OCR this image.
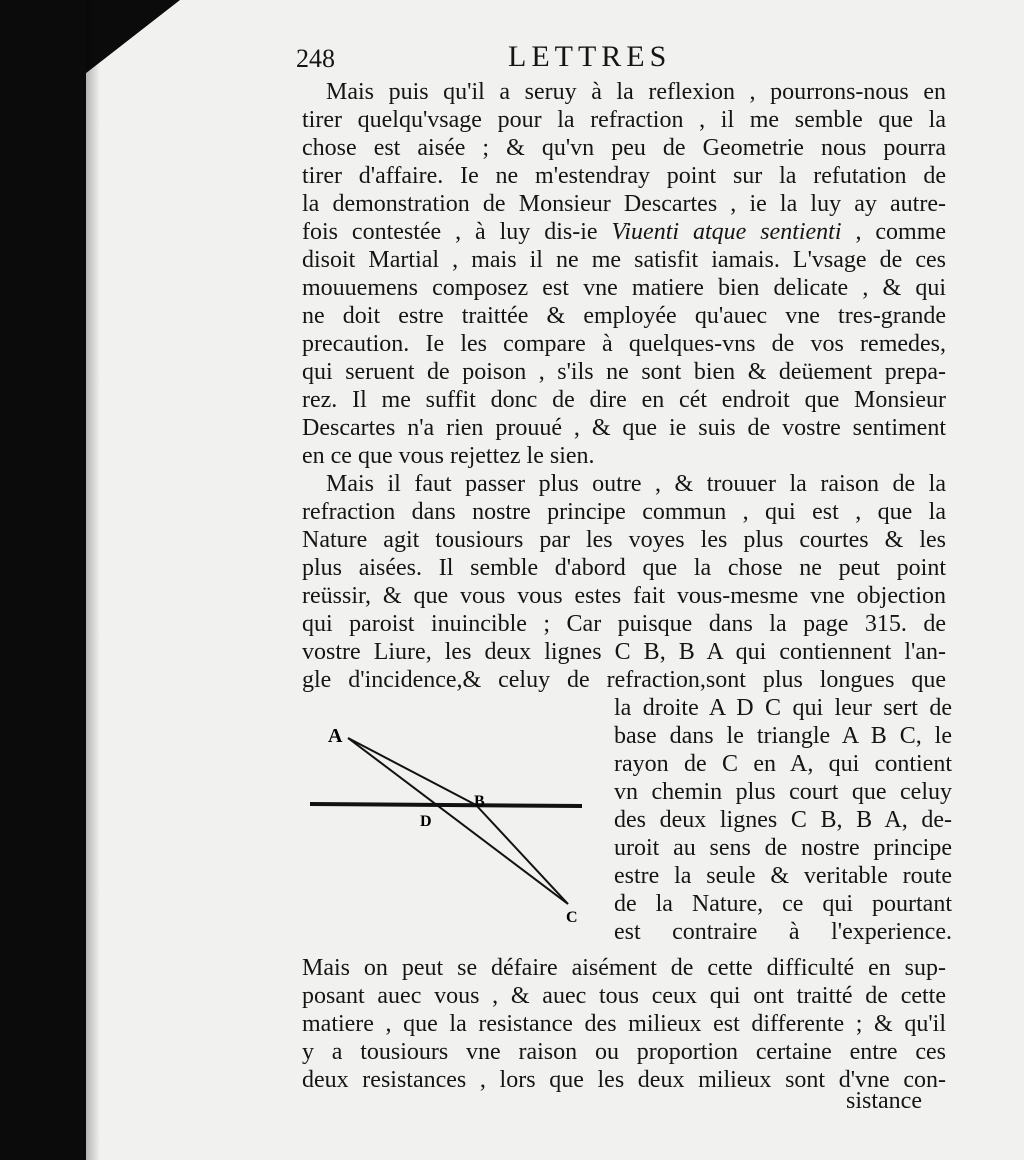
248	LETTRES
Mais puis qu'il a seruy à la reflexion , pourrons-nous en
tirer quelqu'vsage pour la refraction , il me semble que la
chose est aisée ; & qu'vn peu de Geometrie nous pourra
tirer d'affaire. Ie ne m'estendray point sur la refutation de
la demonstration de Monsieur Descartes , ie la luy ay autre-
fois contestée , à luy dis-ie Viuenti atque sentienti , comme
disoit Martial , mais il ne me satisfit iamais. L'vsage de ces
mouuemens composez est vne matiere bien delicate , & qui
ne doit estre traittée & employée qu'auec vne tres-grande
precaution. Ie les compare à quelques-vns de vos remedes,
qui seruent de poison , s'ils ne sont bien & deüement prepa-
rez. Il me suffit donc de dire en cét endroit que Monsieur
Descartes n'a rien prouué , & que ie suis de vostre sentiment
en ce que vous rejettez le sien.
Mais il faut passer plus outre , & trouuer la raison de la
refraction dans nostre principe commun , qui est , que la
Nature agit tousiours par les voyes les plus courtes & les
plus aisées. Il semble d'abord que la chose ne peut point
reüssir, & que vous vous estes fait vous-mesme vne objection
qui paroist inuincible ; Car puisque dans la page 315. de
vostre Liure, les deux lignes C B, B A qui contiennent l'an-
gle d'incidence,& celuy de refraction,sont plus longues que
la droite A D C qui leur sert de
base dans le triangle A B C, le
rayon de C en A, qui contient
vn chemin plus court que celuy
des deux lignes C B, B A, de-
uroit au sens de nostre principe
estre la seule & veritable route
de la Nature, ce qui pourtant
est contraire à l'experience.
A
B
D
C
Mais on peut se défaire aisément de cette difficulté en sup-
posant auec vous , & auec tous ceux qui ont traitté de cette
matiere , que la resistance des milieux est differente ; & qu'il
y a tousiours vne raison ou proportion certaine entre ces
deux resistances , lors que les deux milieux sont d'vne con-
sistance
